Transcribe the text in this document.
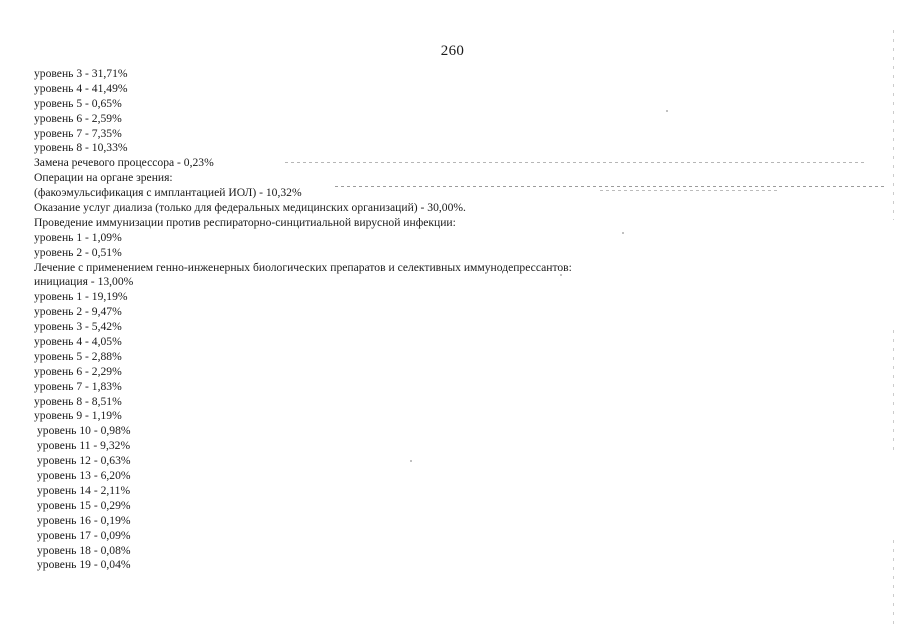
260
уровень 3 - 31,71%
уровень 4 - 41,49%
уровень 5 - 0,65%
уровень 6 - 2,59%
уровень 7 - 7,35%
уровень 8 - 10,33%
Замена речевого процессора - 0,23%
Операции на органе зрения:
(факоэмульсификация с имплантацией ИОЛ) - 10,32%
Оказание услуг диализа (только для федеральных медицинских организаций) - 30,00%.
Проведение иммунизации против респираторно-синцитиальной вирусной инфекции:
уровень 1 - 1,09%
уровень 2 - 0,51%
Лечение с применением генно-инженерных биологических препаратов и селективных иммунодепрессантов:
инициация - 13,00%
уровень 1 - 19,19%
уровень 2 - 9,47%
уровень 3 - 5,42%
уровень 4 - 4,05%
уровень 5 - 2,88%
уровень 6 - 2,29%
уровень 7 - 1,83%
уровень 8 - 8,51%
уровень 9 - 1,19%
уровень 10 - 0,98%
уровень 11 - 9,32%
уровень 12 - 0,63%
уровень 13 - 6,20%
уровень 14 - 2,11%
уровень 15 - 0,29%
уровень 16 - 0,19%
уровень 17 - 0,09%
уровень 18 - 0,08%
уровень 19 - 0,04%
